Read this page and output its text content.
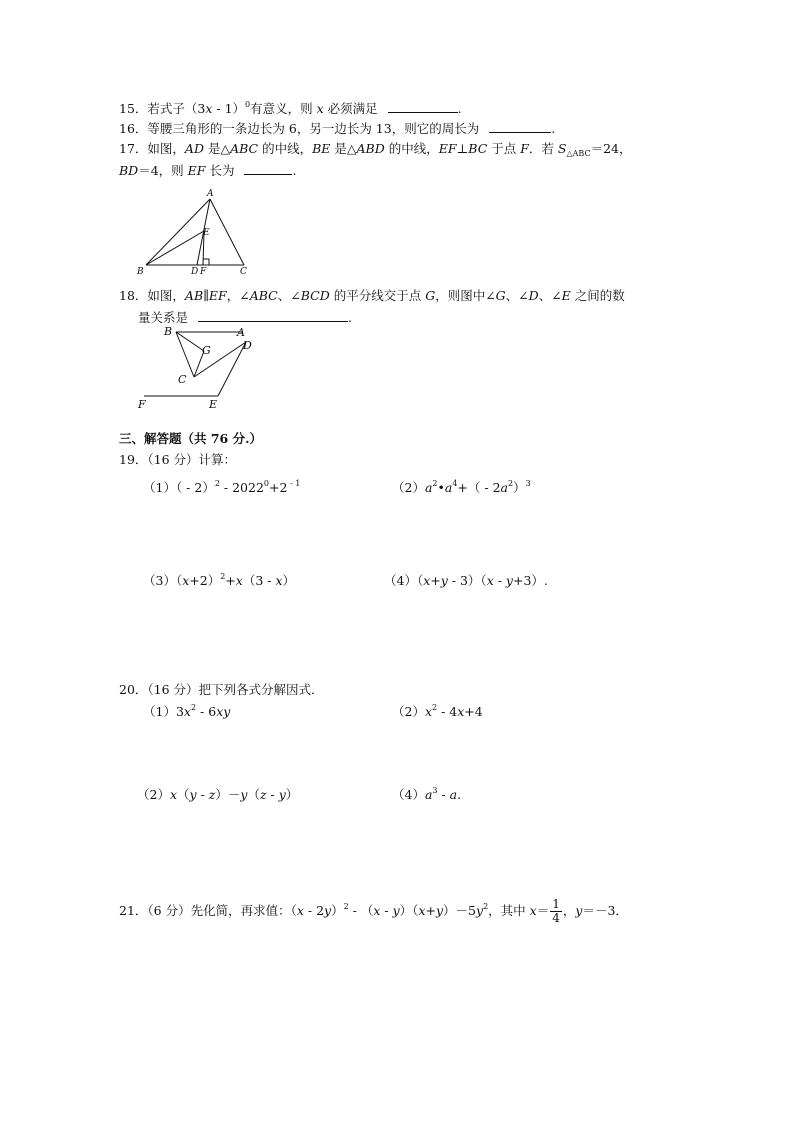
15．若式子（3x - 1）$^0$有意义，则 x 必须满足	.
16．等腰三角形的一条边长为 6，另一边长为 13，则它的周长为	.
17．如图，AD 是△ABC 的中线，BE 是△ABD 的中线，EF⊥BC 于点 F．若 $S_{\triangle ABC}=24$，
BD＝4，则 EF 长为	.
A
B	C
D
E
F
18．如图，AB∥EF，∠ABC、∠BCD 的平分线交于点 G，则图中∠G、∠D、∠E 之间的数
量关系是	.
B	A
D
G
C
F	E
三、解答题（共 76 分.）
19．（16 分）计算：
$(1)( - 2)^2 - 2022^0+2$ $^{- 1}$	$(2)a^2•a^4+( - 2a^2)^3$
$(3)(x+2)^2+x(3 - x)$	（4）（x+y - 3）（x - y+3）.
20．（16 分）把下列各式分解因式．
$(1)3x^2 - 6xy$	$(2)x^2 - 4x+4$
（2）x（y - z）－y（z - y）	$(4)a^3$ - a.
21．（6 分）先化简，再求值：$(x - 2y)^2 - (x - y)(x+y)-5y^2$，其中 $x= \frac{1}{4}$ ，y＝－3．
